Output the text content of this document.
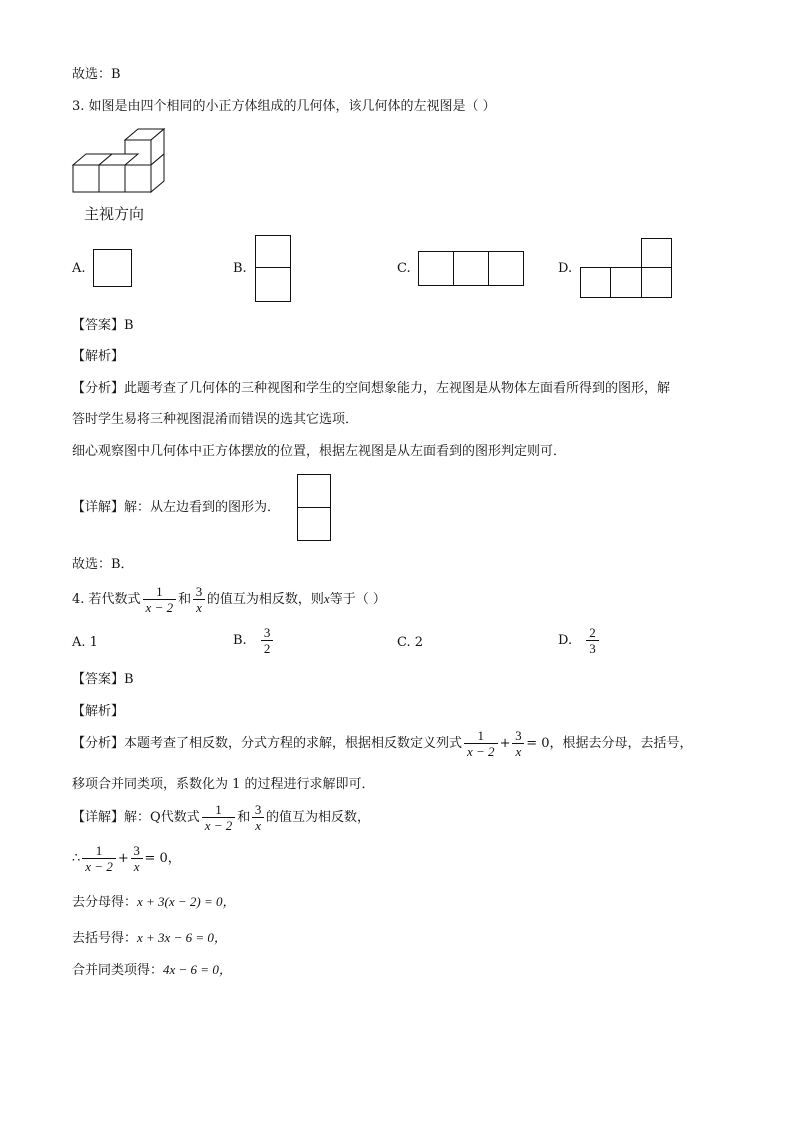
故选：B
3. 如图是由四个相同的小正方体组成的几何体，该几何体的左视图是（ ）
主视方向
A.	B.	C.	D.
【答案】B
【解析】
【分析】此题考查了几何体的三种视图和学生的空间想象能力，左视图是从物体左面看所得到的图形，解
答时学生易将三种视图混淆而错误的选其它选项．
细心观察图中几何体中正方体摆放的位置，根据左视图是从左面看到的图形判定则可．
【详解】解：从左边看到的图形为．
故选：B．
4. 若代数式 $\frac{1}{x - 2}$ 和 $\frac{3}{x}$ 的值互为相反数，则x等于（ ）
A. 1	B. $\frac{3}{2}$	C. 2	D. $\frac{2}{3}$
【答案】B
【解析】
【分析】本题考查了相反数，分式方程的求解，根据相反数定义列式 $\frac{1}{x - 2} + \frac{3}{x} = 0$，根据去分母，去括号，
移项合并同类项，系数化为 1 的过程进行求解即可．
【详解】解：Q代数式 $\frac{1}{x - 2}$ 和 $\frac{3}{x}$ 的值互为相反数，
∴ $\frac{1}{x - 2} + \frac{3}{x} = 0$，
去分母得：x + 3(x − 2) = 0，
去括号得：x + 3x − 6 = 0，
合并同类项得：4x − 6 = 0，
